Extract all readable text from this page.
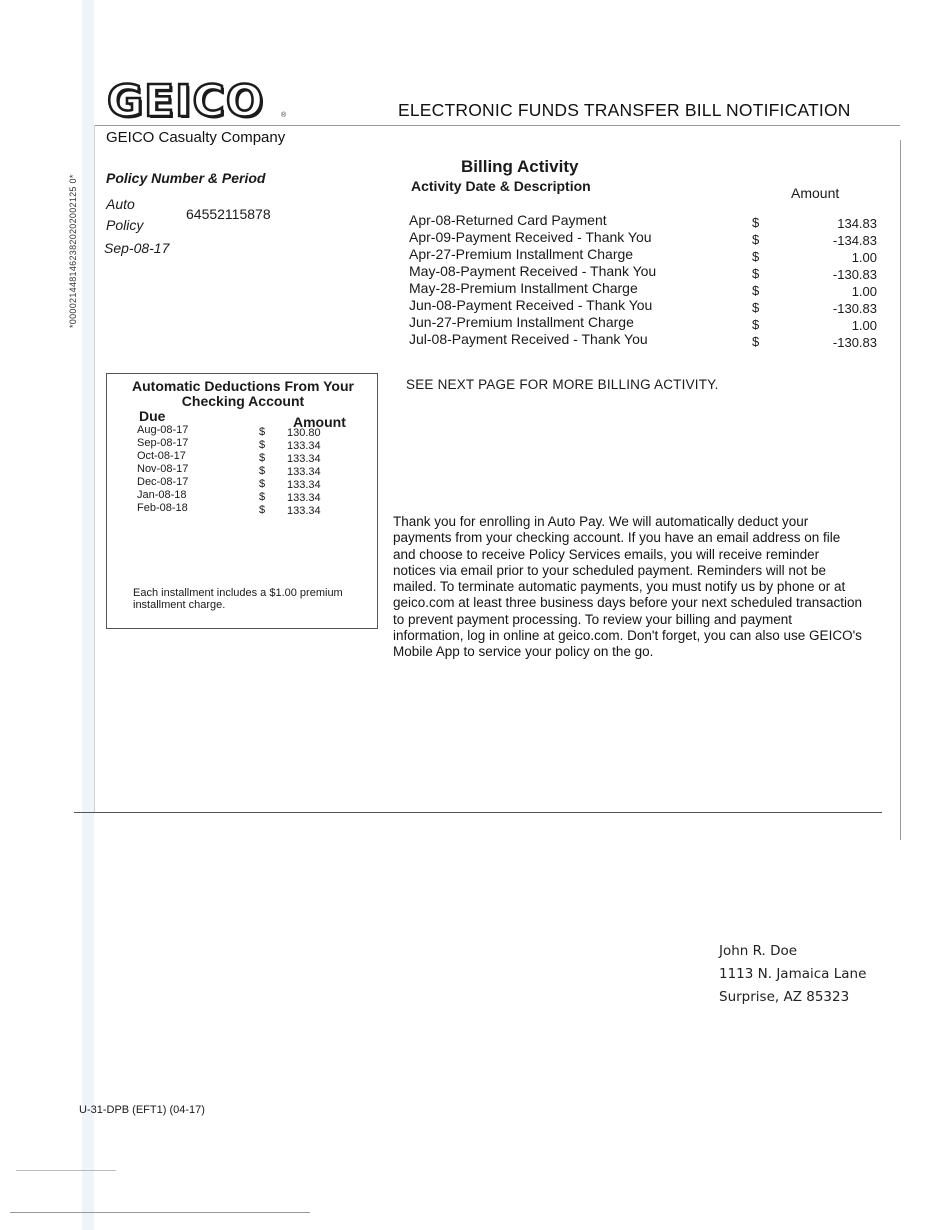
*00002144814623820202002125 0*
GEICO ®	ELECTRONIC FUNDS TRANSFER BILL NOTIFICATION
GEICO Casualty Company
Policy Number & Period
Auto Policy
64552115878
Sep-08-17
Billing Activity
Activity Date & Description	Amount
Apr-08-Returned Card Payment	$	134.83
Apr-09-Payment Received - Thank You	$	-134.83
Apr-27-Premium Installment Charge	$	1.00
May-08-Payment Received - Thank You	$	-130.83
May-28-Premium Installment Charge	$	1.00
Jun-08-Payment Received - Thank You	$	-130.83
Jun-27-Premium Installment Charge	$	1.00
Jul-08-Payment Received - Thank You	$	-130.83
SEE NEXT PAGE FOR MORE BILLING ACTIVITY.
Automatic Deductions From Your Checking Account
Due	Amount
Aug-08-17	$ 130.80
Sep-08-17	$ 133.34
Oct-08-17	$ 133.34
Nov-08-17	$ 133.34
Dec-08-17	$ 133.34
Jan-08-18	$ 133.34
Feb-08-18	$ 133.34
Each installment includes a $1.00 premium installment charge.
Thank you for enrolling in Auto Pay. We will automatically deduct your payments from your checking account. If you have an email address on file and choose to receive Policy Services emails, you will receive reminder notices via email prior to your scheduled payment. Reminders will not be mailed. To terminate automatic payments, you must notify us by phone or at geico.com at least three business days before your next scheduled transaction to prevent payment processing. To review your billing and payment information, log in online at geico.com. Don't forget, you can also use GEICO's Mobile App to service your policy on the go.
John R. Doe
1113 N. Jamaica Lane
Surprise, AZ 85323
U-31-DPB (EFT1) (04-17)
